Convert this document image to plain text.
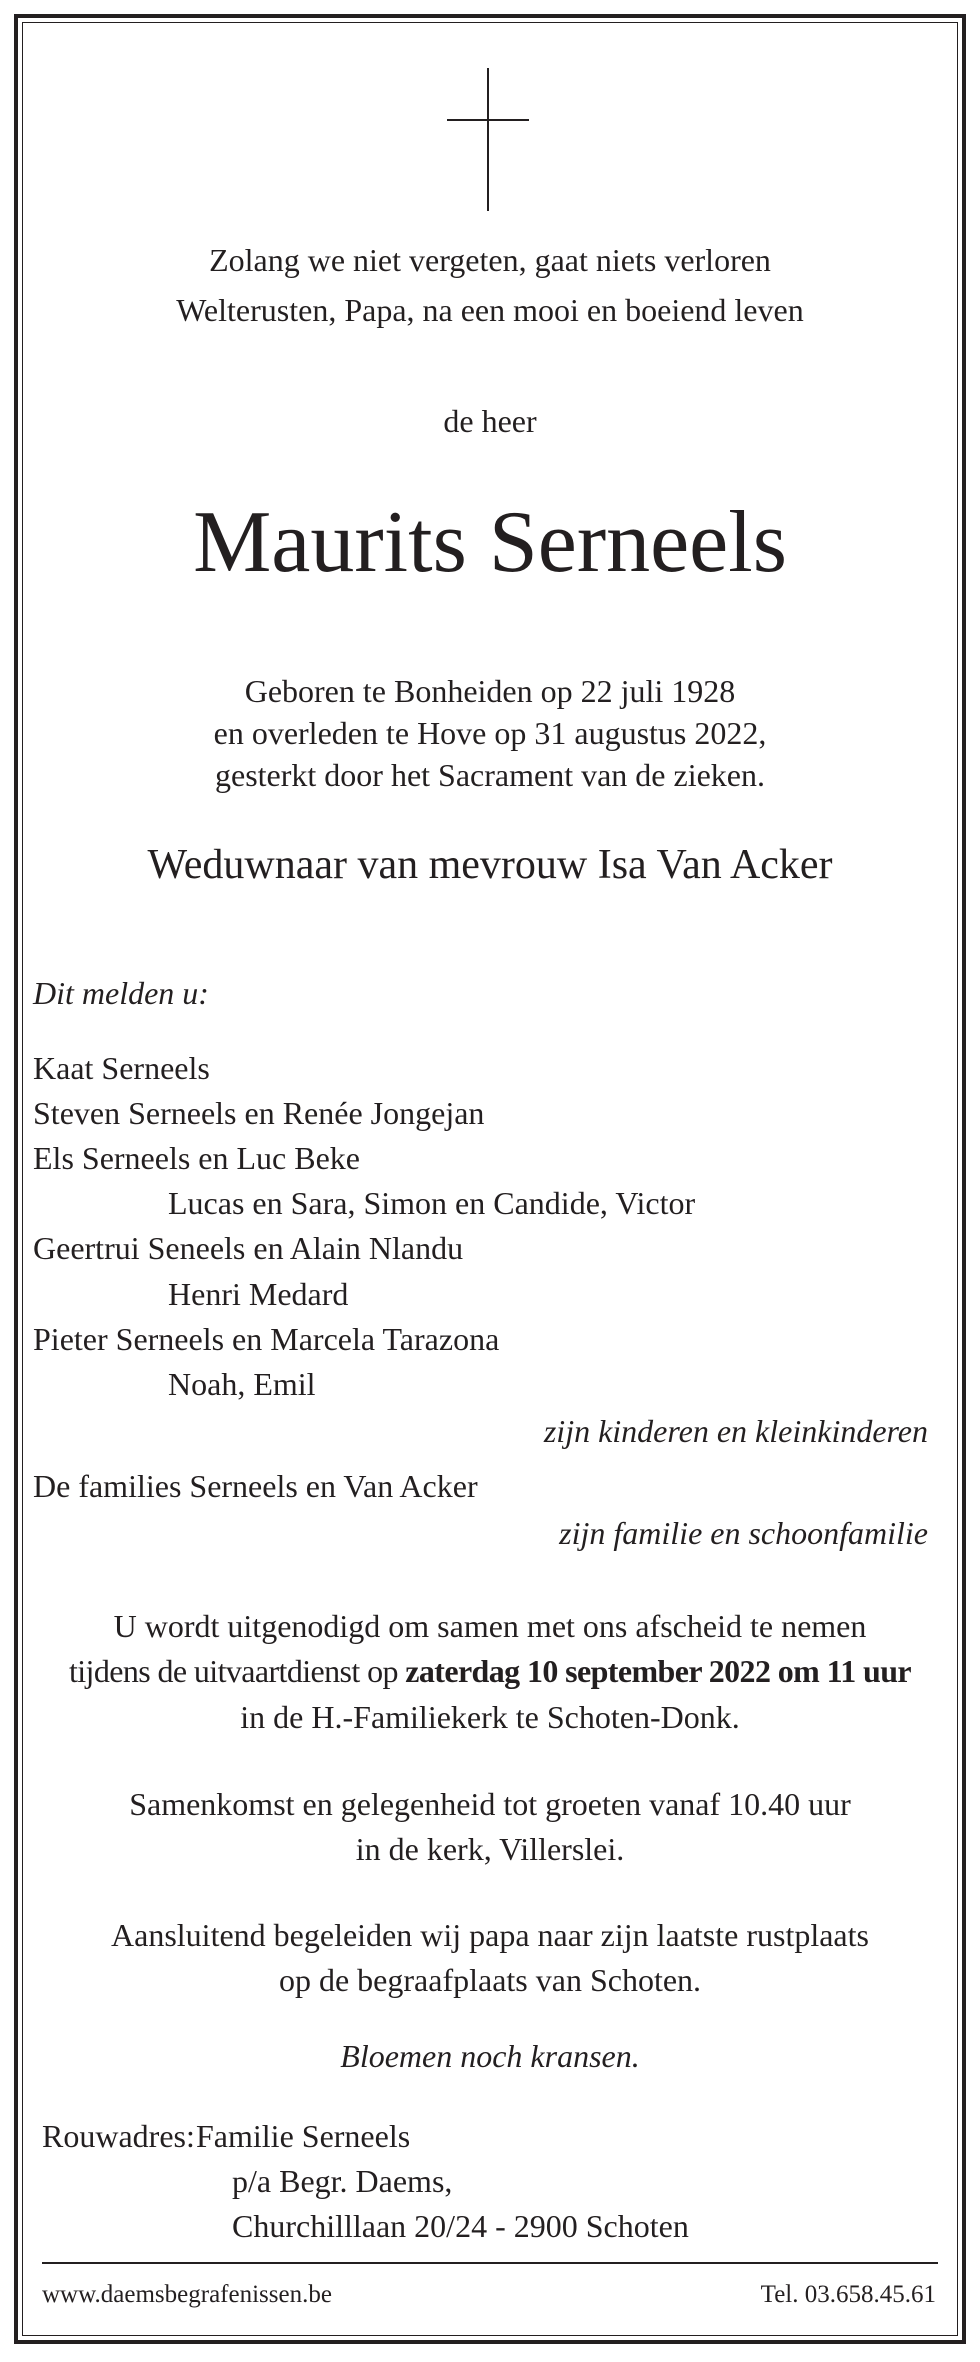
Zolang we niet vergeten, gaat niets verloren
Welterusten, Papa, na een mooi en boeiend leven
de heer
Maurits Serneels
Geboren te Bonheiden op 22 juli 1928
en overleden te Hove op 31 augustus 2022,
gesterkt door het Sacrament van de zieken.
Weduwnaar van mevrouw Isa Van Acker
Dit melden u:
Kaat Serneels
Steven Serneels en Renée Jongejan
Els Serneels en Luc Beke
Lucas en Sara, Simon en Candide, Victor
Geertrui Seneels en Alain Nlandu
Henri Medard
Pieter Serneels en Marcela Tarazona
Noah, Emil
zijn kinderen en kleinkinderen
De families Serneels en Van Acker
zijn familie en schoonfamilie
U wordt uitgenodigd om samen met ons afscheid te nemen
tijdens de uitvaartdienst op zaterdag 10 september 2022 om 11 uur
in de H.-Familiekerk te Schoten-Donk.
Samenkomst en gelegenheid tot groeten vanaf 10.40 uur
in de kerk, Villerslei.
Aansluitend begeleiden wij papa naar zijn laatste rustplaats
op de begraafplaats van Schoten.
Bloemen noch kransen.
Rouwadres: Familie Serneels
p/a Begr. Daems,
Churchilllaan 20/24 - 2900 Schoten
www.daemsbegrafenissen.be	Tel. 03.658.45.61
